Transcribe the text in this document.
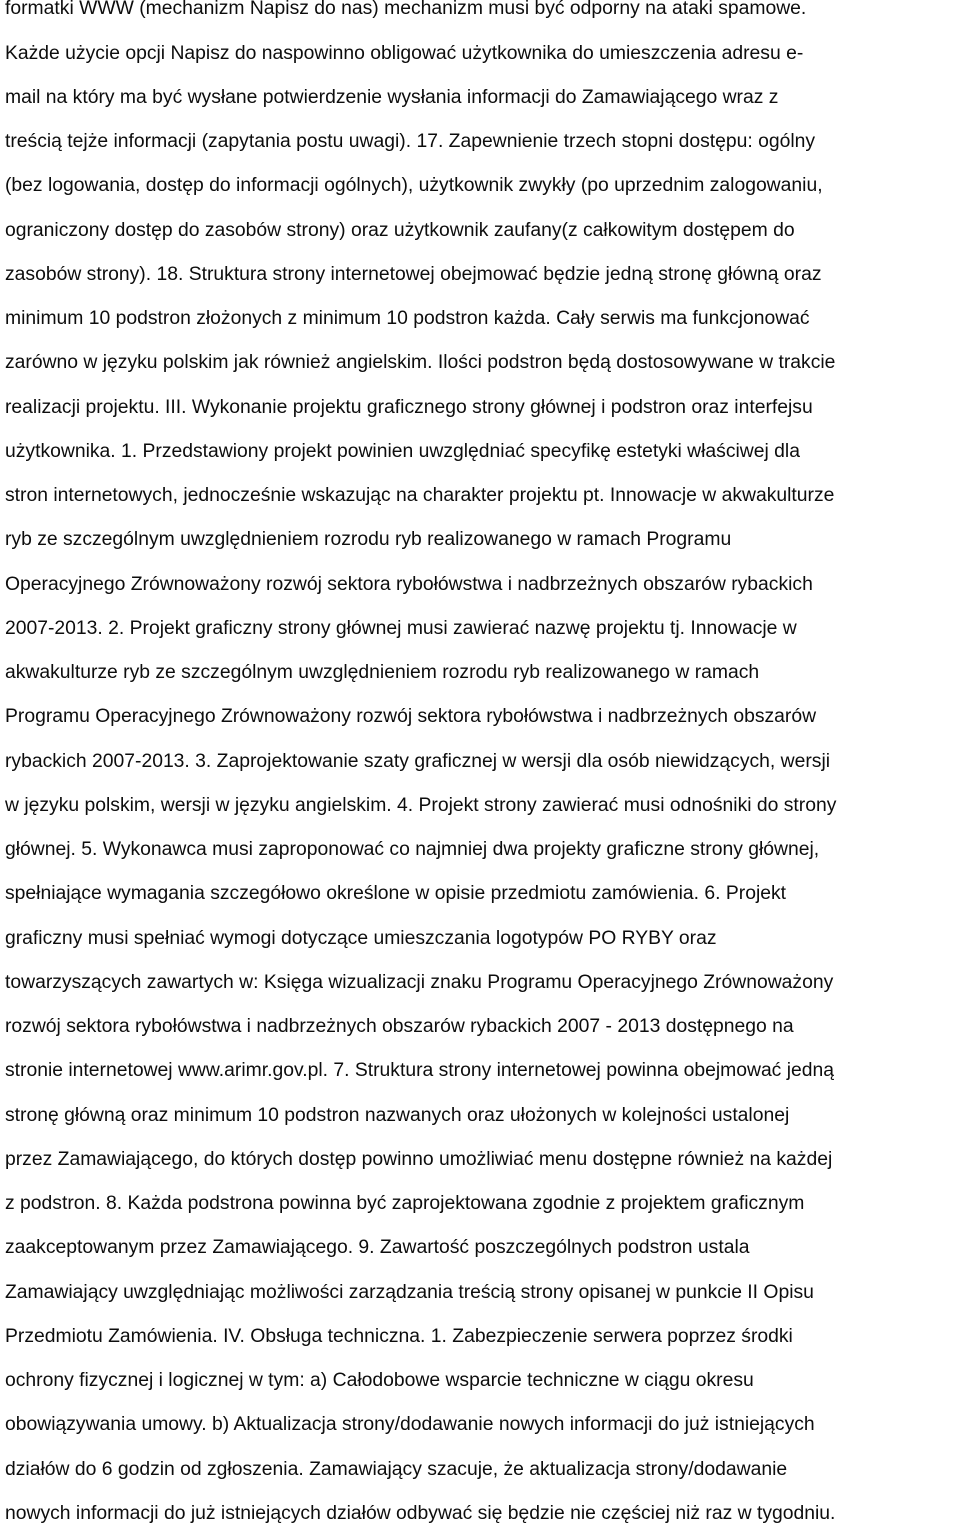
formatki WWW (mechanizm Napisz do nas) mechanizm musi być odporny na ataki spamowe.
Każde użycie opcji Napisz do naspowinno obligować użytkownika do umieszczenia adresu e-
mail na który ma być wysłane potwierdzenie wysłania informacji do Zamawiającego wraz z
treścią tejże informacji (zapytania postu uwagi). 17. Zapewnienie trzech stopni dostępu: ogólny
(bez logowania, dostęp do informacji ogólnych), użytkownik zwykły (po uprzednim zalogowaniu,
ograniczony dostęp do zasobów strony) oraz użytkownik zaufany(z całkowitym dostępem do
zasobów strony). 18. Struktura strony internetowej obejmować będzie jedną stronę główną oraz
minimum 10 podstron złożonych z minimum 10 podstron każda. Cały serwis ma funkcjonować
zarówno w języku polskim jak również angielskim. Ilości podstron będą dostosowywane w trakcie
realizacji projektu. III. Wykonanie projektu graficznego strony głównej i podstron oraz interfejsu
użytkownika. 1. Przedstawiony projekt powinien uwzględniać specyfikę estetyki właściwej dla
stron internetowych, jednocześnie wskazując na charakter projektu pt. Innowacje w akwakulturze
ryb ze szczególnym uwzględnieniem rozrodu ryb realizowanego w ramach Programu
Operacyjnego Zrównoważony rozwój sektora rybołówstwa i nadbrzeżnych obszarów rybackich
2007-2013. 2. Projekt graficzny strony głównej musi zawierać nazwę projektu tj. Innowacje w
akwakulturze ryb ze szczególnym uwzględnieniem rozrodu ryb realizowanego w ramach
Programu Operacyjnego Zrównoważony rozwój sektora rybołówstwa i nadbrzeżnych obszarów
rybackich 2007-2013. 3. Zaprojektowanie szaty graficznej w wersji dla osób niewidzących, wersji
w języku polskim, wersji w języku angielskim. 4. Projekt strony zawierać musi odnośniki do strony
głównej. 5. Wykonawca musi zaproponować co najmniej dwa projekty graficzne strony głównej,
spełniające wymagania szczegółowo określone w opisie przedmiotu zamówienia. 6. Projekt
graficzny musi spełniać wymogi dotyczące umieszczania logotypów PO RYBY oraz
towarzyszących zawartych w: Księga wizualizacji znaku Programu Operacyjnego Zrównoważony
rozwój sektora rybołówstwa i nadbrzeżnych obszarów rybackich 2007 - 2013 dostępnego na
stronie internetowej www.arimr.gov.pl. 7. Struktura strony internetowej powinna obejmować jedną
stronę główną oraz minimum 10 podstron nazwanych oraz ułożonych w kolejności ustalonej
przez Zamawiającego, do których dostęp powinno umożliwiać menu dostępne również na każdej
z podstron. 8. Każda podstrona powinna być zaprojektowana zgodnie z projektem graficznym
zaakceptowanym przez Zamawiającego. 9. Zawartość poszczególnych podstron ustala
Zamawiający uwzględniając możliwości zarządzania treścią strony opisanej w punkcie II Opisu
Przedmiotu Zamówienia. IV. Obsługa techniczna. 1. Zabezpieczenie serwera poprzez środki
ochrony fizycznej i logicznej w tym: a) Całodobowe wsparcie techniczne w ciągu okresu
obowiązywania umowy. b) Aktualizacja strony/dodawanie nowych informacji do już istniejących
działów do 6 godzin od zgłoszenia. Zamawiający szacuje, że aktualizacja strony/dodawanie
nowych informacji do już istniejących działów odbywać się będzie nie częściej niż raz w tygodniu.
